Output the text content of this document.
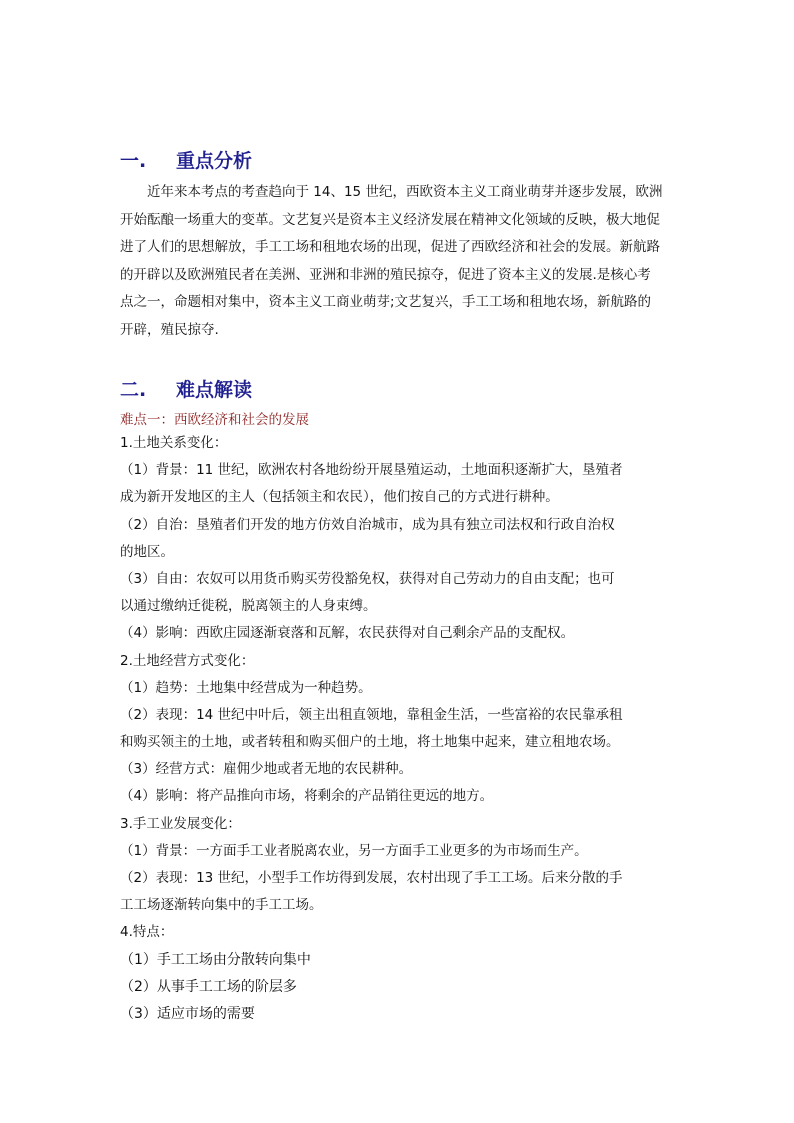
一. 重点分析
近年来本考点的考查趋向于 14、15 世纪，西欧资本主义工商业萌芽并逐步发展，欧洲
开始酝酿一场重大的变革。文艺复兴是资本主义经济发展在精神文化领域的反映，极大地促
进了人们的思想解放，手工工场和租地农场的出现，促进了西欧经济和社会的发展。新航路
的开辟以及欧洲殖民者在美洲、亚洲和非洲的殖民掠夺，促进了资本主义的发展.是核心考
点之一，命题相对集中，资本主义工商业萌芽;文艺复兴，手工工场和租地农场，新航路的
开辟，殖民掠夺.
二. 难点解读
难点一：西欧经济和社会的发展
1.土地关系变化：
（1）背景：11 世纪，欧洲农村各地纷纷开展垦殖运动，土地面积逐渐扩大，垦殖者
成为新开发地区的主人（包括领主和农民），他们按自己的方式进行耕种。
（2）自治：垦殖者们开发的地方仿效自治城市，成为具有独立司法权和行政自治权
的地区。
（3）自由：农奴可以用货币购买劳役豁免权，获得对自己劳动力的自由支配；也可
以通过缴纳迁徙税，脱离领主的人身束缚。
（4）影响：西欧庄园逐渐衰落和瓦解，农民获得对自己剩余产品的支配权。
2.土地经营方式变化：
（1）趋势：土地集中经营成为一种趋势。
（2）表现：14 世纪中叶后，领主出租直领地，靠租金生活，一些富裕的农民靠承租
和购买领主的土地，或者转租和购买佃户的土地，将土地集中起来，建立租地农场。
（3）经营方式：雇佣少地或者无地的农民耕种。
（4）影响：将产品推向市场，将剩余的产品销往更远的地方。
3.手工业发展变化：
（1）背景：一方面手工业者脱离农业，另一方面手工业更多的为市场而生产。
（2）表现：13 世纪，小型手工作坊得到发展，农村出现了手工工场。后来分散的手
工工场逐渐转向集中的手工工场。
4.特点：
（1）手工工场由分散转向集中
（2）从事手工工场的阶层多
（3）适应市场的需要
